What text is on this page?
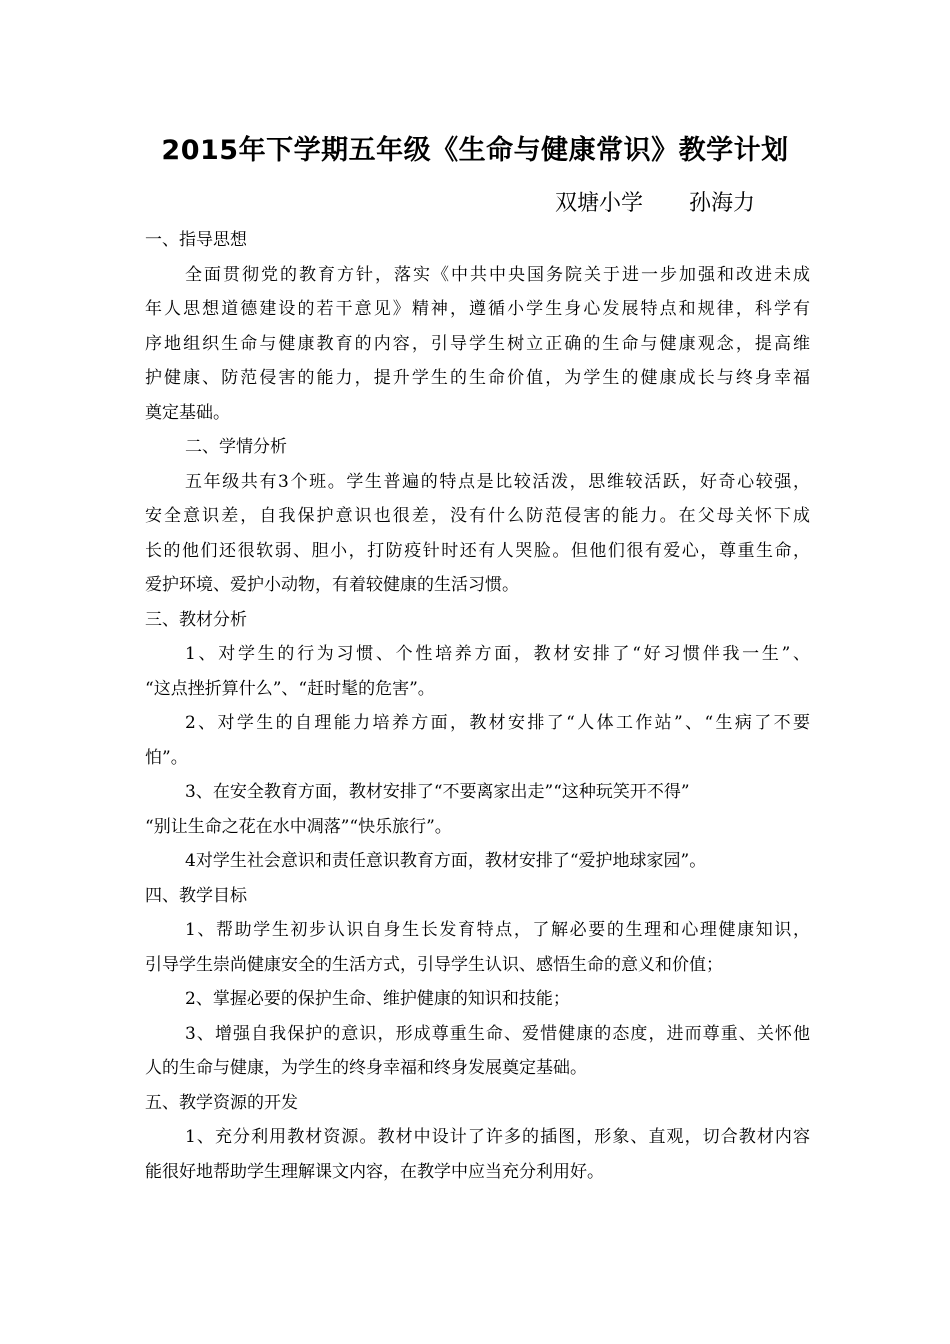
2015年下学期五年级《生命与健康常识》教学计划
双塘小学 孙海力
一、指导思想
全面贯彻党的教育方针，落实《中共中央国务院关于进一步加强和改进未成
年人思想道德建设的若干意见》精神，遵循小学生身心发展特点和规律，科学有
序地组织生命与健康教育的内容，引导学生树立正确的生命与健康观念，提高维
护健康、防范侵害的能力，提升学生的生命价值，为学生的健康成长与终身幸福
奠定基础。
二、学情分析
五年级共有3个班。学生普遍的特点是比较活泼，思维较活跃，好奇心较强，
安全意识差，自我保护意识也很差，没有什么防范侵害的能力。在父母关怀下成
长的他们还很软弱、胆小，打防疫针时还有人哭脸。但他们很有爱心，尊重生命，
爱护环境、爱护小动物，有着较健康的生活习惯。
三、教材分析
1、对学生的行为习惯、个性培养方面，教材安排了“好习惯伴我一生”、
“这点挫折算什么”、“赶时髦的危害”。
2、对学生的自理能力培养方面，教材安排了“人体工作站”、“生病了不要
怕”。
3、在安全教育方面，教材安排了“不要离家出走”“这种玩笑开不得”
“别让生命之花在水中凋落”“快乐旅行”。
4对学生社会意识和责任意识教育方面，教材安排了“爱护地球家园”。
四、教学目标
1、帮助学生初步认识自身生长发育特点，了解必要的生理和心理健康知识，
引导学生崇尚健康安全的生活方式，引导学生认识、感悟生命的意义和价值；
2、掌握必要的保护生命、维护健康的知识和技能；
3、增强自我保护的意识，形成尊重生命、爱惜健康的态度，进而尊重、关怀他
人的生命与健康，为学生的终身幸福和终身发展奠定基础。
五、教学资源的开发
1、充分利用教材资源。教材中设计了许多的插图，形象、直观，切合教材内容
能很好地帮助学生理解课文内容，在教学中应当充分利用好。
